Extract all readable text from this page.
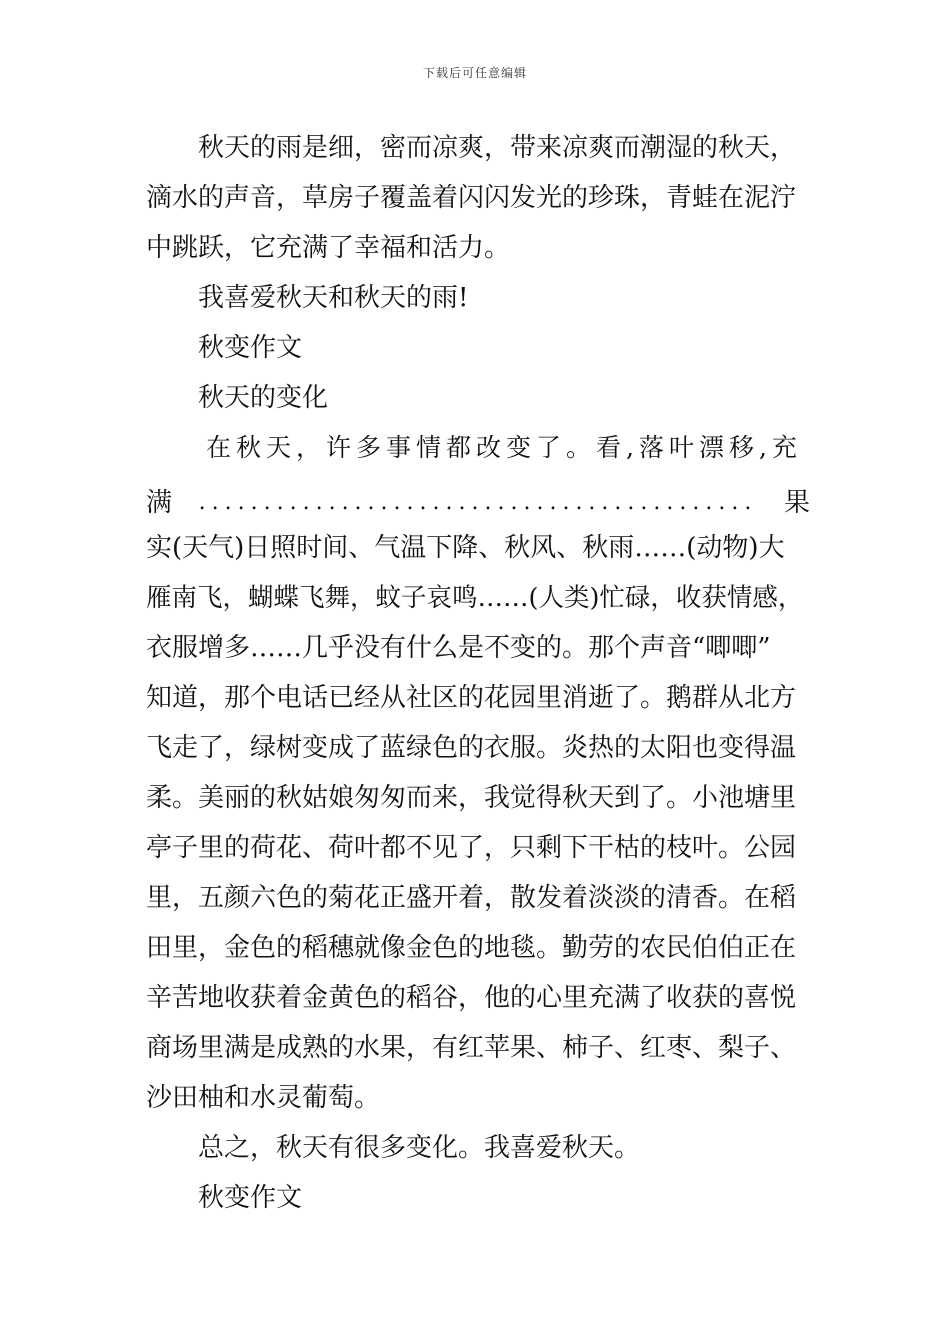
下载后可任意编辑
秋天的雨是细，密而凉爽，带来凉爽而潮湿的秋天，
滴水的声音，草房子覆盖着闪闪发光的珍珠，青蛙在泥泞
中跳跃，它充满了幸福和活力。
我喜爱秋天和秋天的雨!
秋变作文
秋天的变化
在秋天，许多事情都改变了。看,落叶漂移,充
满	...........................................	果
实(天气)日照时间、气温下降、秋风、秋雨……(动物)大
雁南飞，蝴蝶飞舞，蚊子哀鸣……(人类)忙碌，收获情感，
衣服增多……几乎没有什么是不变的。那个声音“唧唧”
知道，那个电话已经从社区的花园里消逝了。鹅群从北方
飞走了，绿树变成了蓝绿色的衣服。炎热的太阳也变得温
柔。美丽的秋姑娘匆匆而来，我觉得秋天到了。小池塘里
亭子里的荷花、荷叶都不见了，只剩下干枯的枝叶。公园
里，五颜六色的菊花正盛开着，散发着淡淡的清香。在稻
田里，金色的稻穗就像金色的地毯。勤劳的农民伯伯正在
辛苦地收获着金黄色的稻谷，他的心里充满了收获的喜悦
商场里满是成熟的水果，有红苹果、柿子、红枣、梨子、
沙田柚和水灵葡萄。
总之，秋天有很多变化。我喜爱秋天。
秋变作文
